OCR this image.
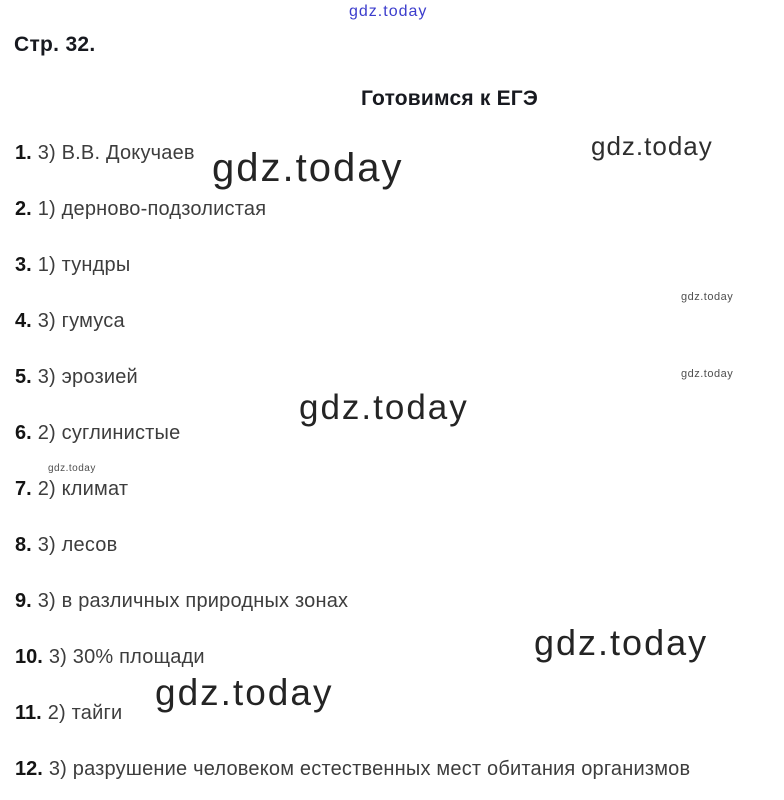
gdz.today
Стр. 32.
Готовимся к ЕГЭ
gdz.today	gdz.today
gdz.today
gdz.today
gdz.today
gdz.today
gdz.today
gdz.today
1. 3) В.В. Докучаев
2. 1) дерново-подзолистая
3. 1) тундры
4. 3) гумуса
5. 3) эрозией
6. 2) суглинистые
7. 2) климат
8. 3) лесов
9. 3) в различных природных зонах
10. 3) 30% площади
11. 2) тайги
12. 3) разрушение человеком естественных мест обитания организмов
